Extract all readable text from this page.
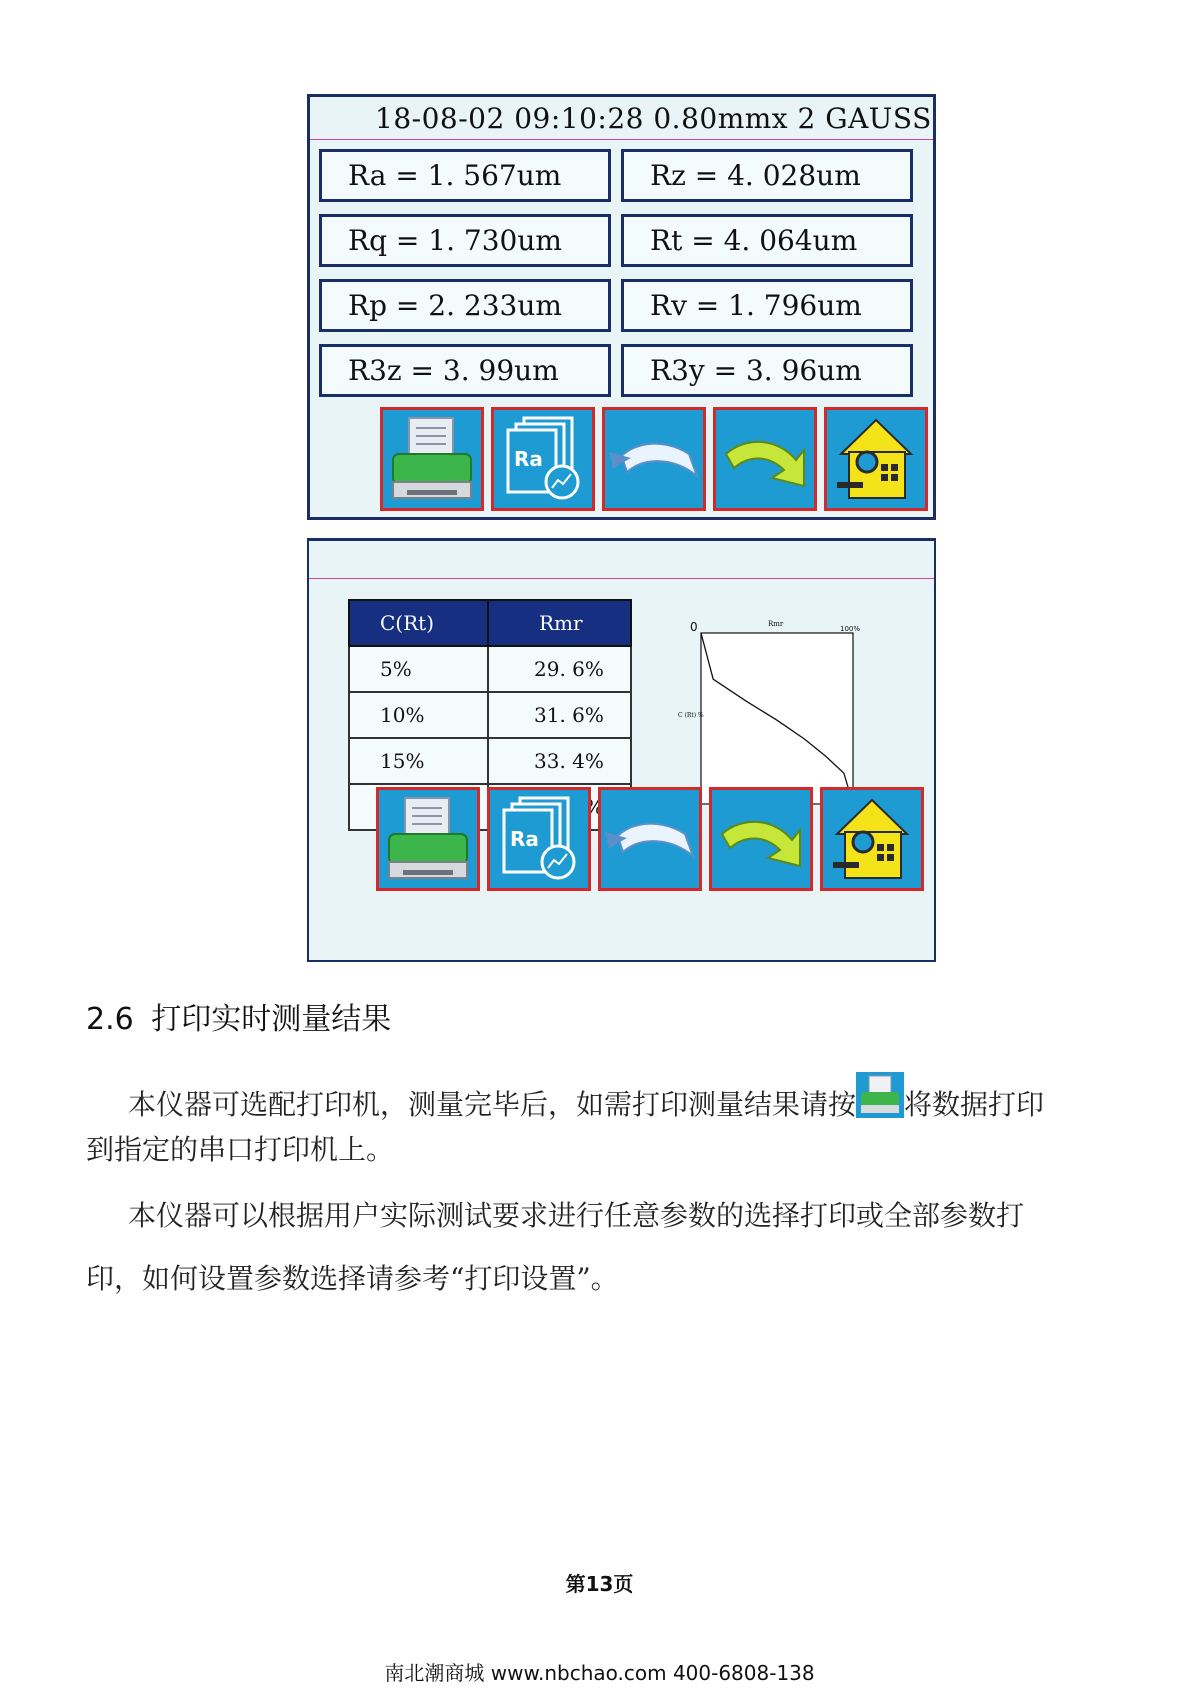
18-08-02 09:10:28 0.80mmx 2 GAUSS
Ra = 1. 567um	Rz = 4. 028um
Rq = 1. 730um	Rt = 4. 064um
Rp = 2. 233um	Rv = 1. 796um
R3z = 3. 99um	R3y = 3. 96um
Ra
C(Rt)	Rmr
5%	29. 6%
10%	31. 6%
15%	33. 4%

0	Rmr
100%
C (Rt) %
Ra
2.6 打印实时测量结果
本仪器可选配打印机，测量完毕后，如需打印测量结果请按 将数据打印
到指定的串口打印机上。
本仪器可以根据用户实际测试要求进行任意参数的选择打印或全部参数打
印，如何设置参数选择请参考“打印设置”。
第13页
南北潮商城 www.nbchao.com 400-6808-138
